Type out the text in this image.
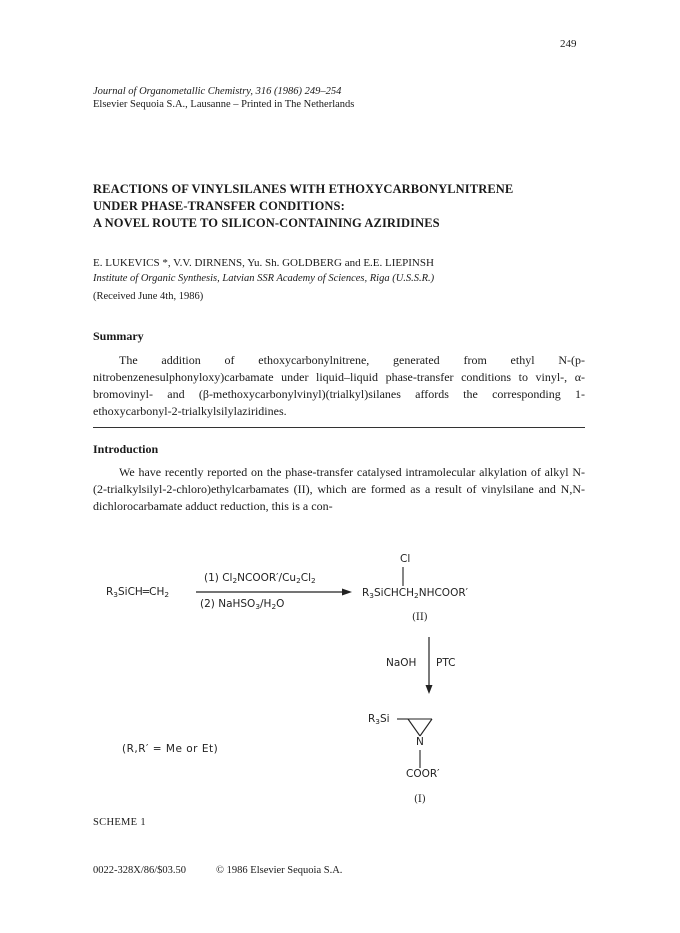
249
Journal of Organometallic Chemistry, 316 (1986) 249–254
Elsevier Sequoia S.A., Lausanne – Printed in The Netherlands
REACTIONS OF VINYLSILANES WITH ETHOXYCARBONYLNITRENE
UNDER PHASE-TRANSFER CONDITIONS:
A NOVEL ROUTE TO SILICON-CONTAINING AZIRIDINES
E. LUKEVICS *, V.V. DIRNENS, Yu. Sh. GOLDBERG and E.E. LIEPINSH
Institute of Organic Synthesis, Latvian SSR Academy of Sciences, Riga (U.S.S.R.)
(Received June 4th, 1986)
Summary

The addition of ethoxycarbonylnitrene, generated from ethyl N-(p-nitrobenzenesulphonyloxy)carbamate under liquid–liquid phase-transfer conditions to vinyl-, α-bromovinyl- and (β-methoxycarbonylvinyl)(trialkyl)silanes affords the corresponding 1-ethoxycarbonyl-2-trialkylsilylaziridines.

Introduction

We have recently reported on the phase-transfer catalysed intramolecular alkylation of alkyl N-(2-trialkylsilyl-2-chloro)ethylcarbamates (II), which are formed as a result of vinylsilane and N,N-dichlorocarbamate adduct reduction, this is a con-

$R_3SiCH═CH_2$
(1) $Cl_2NCOOR'/Cu_2Cl_2$
(2) $NaHSO_3/H_2O$
Cl
$R_3SiCHCH_2NHCOOR'$
(II)
NaOH PTC
$R_3Si$
N
COOR′
(I)
(R,R′ = Me or Et)
SCHEME 1
0022-328X/86/$03.50	© 1986 Elsevier Sequoia S.A.
